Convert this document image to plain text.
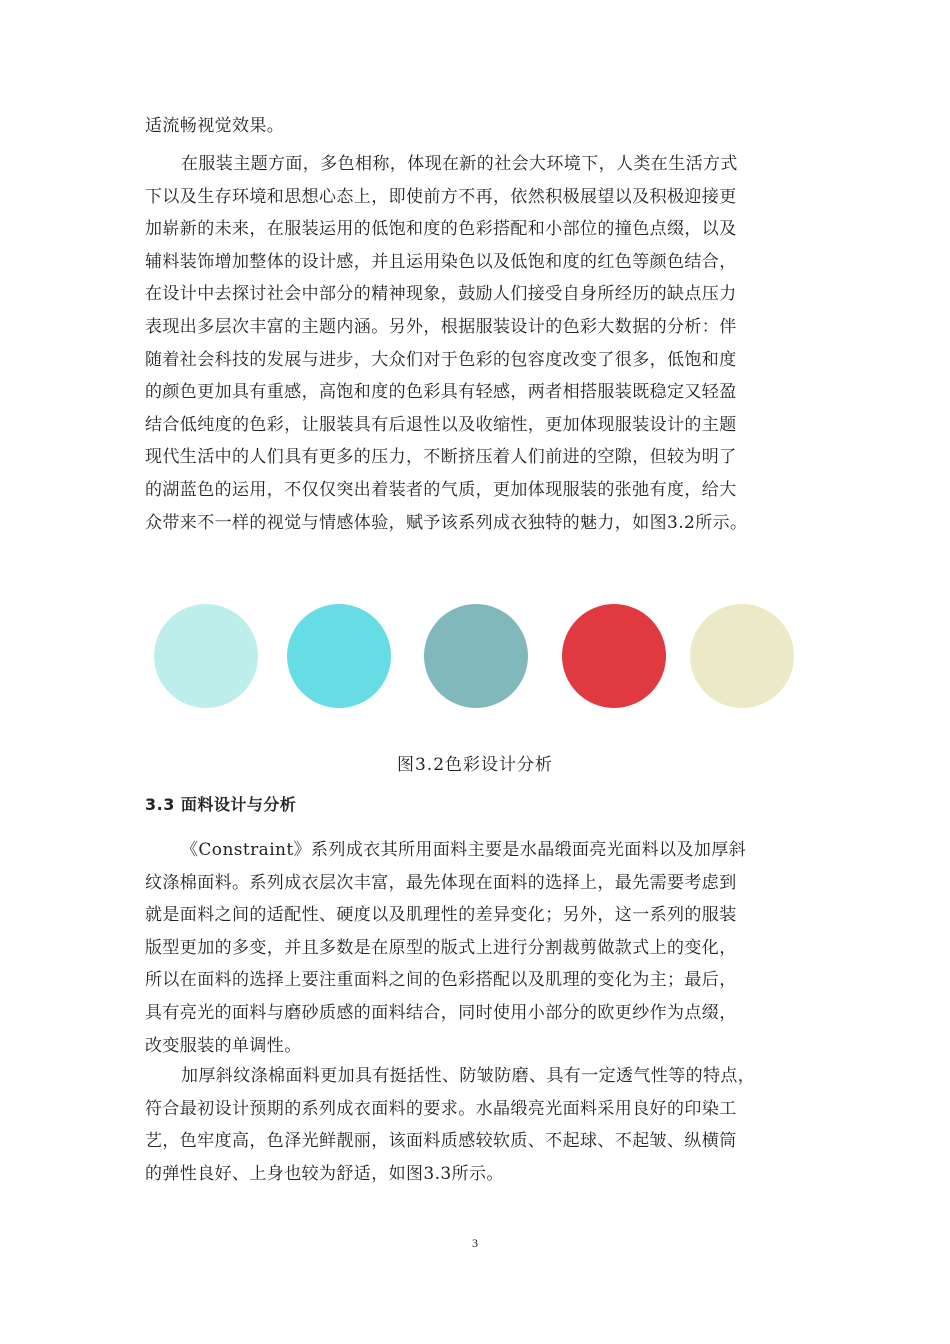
适流畅视觉效果。
在服装主题方面，多色相称，体现在新的社会大环境下，人类在生活方式
下以及生存环境和思想心态上，即使前方不再，依然积极展望以及积极迎接更
加崭新的未来，在服装运用的低饱和度的色彩搭配和小部位的撞色点缀，以及
辅料装饰增加整体的设计感，并且运用染色以及低饱和度的红色等颜色结合，
在设计中去探讨社会中部分的精神现象，鼓励人们接受自身所经历的缺点压力
表现出多层次丰富的主题内涵。另外，根据服装设计的色彩大数据的分析：伴
随着社会科技的发展与进步，大众们对于色彩的包容度改变了很多，低饱和度
的颜色更加具有重感，高饱和度的色彩具有轻感，两者相搭服装既稳定又轻盈
结合低纯度的色彩，让服装具有后退性以及收缩性，更加体现服装设计的主题
现代生活中的人们具有更多的压力，不断挤压着人们前进的空隙，但较为明了
的湖蓝色的运用，不仅仅突出着装者的气质，更加体现服装的张弛有度，给大
众带来不一样的视觉与情感体验，赋予该系列成衣独特的魅力，如图3.2所示。

图3.2色彩设计分析

3.3 面料设计与分析
《Constraint》系列成衣其所用面料主要是水晶缎面亮光面料以及加厚斜
纹涤棉面料。系列成衣层次丰富，最先体现在面料的选择上，最先需要考虑到
就是面料之间的适配性、硬度以及肌理性的差异变化；另外，这一系列的服装
版型更加的多变，并且多数是在原型的版式上进行分割裁剪做款式上的变化，
所以在面料的选择上要注重面料之间的色彩搭配以及肌理的变化为主；最后，
具有亮光的面料与磨砂质感的面料结合，同时使用小部分的欧更纱作为点缀，
改变服装的单调性。
加厚斜纹涤棉面料更加具有挺括性、防皱防磨、具有一定透气性等的特点，
符合最初设计预期的系列成衣面料的要求。水晶缎亮光面料采用良好的印染工
艺，色牢度高，色泽光鲜靓丽，该面料质感较软质、不起球、不起皱、纵横筒
的弹性良好、上身也较为舒适，如图3.3所示。

3
